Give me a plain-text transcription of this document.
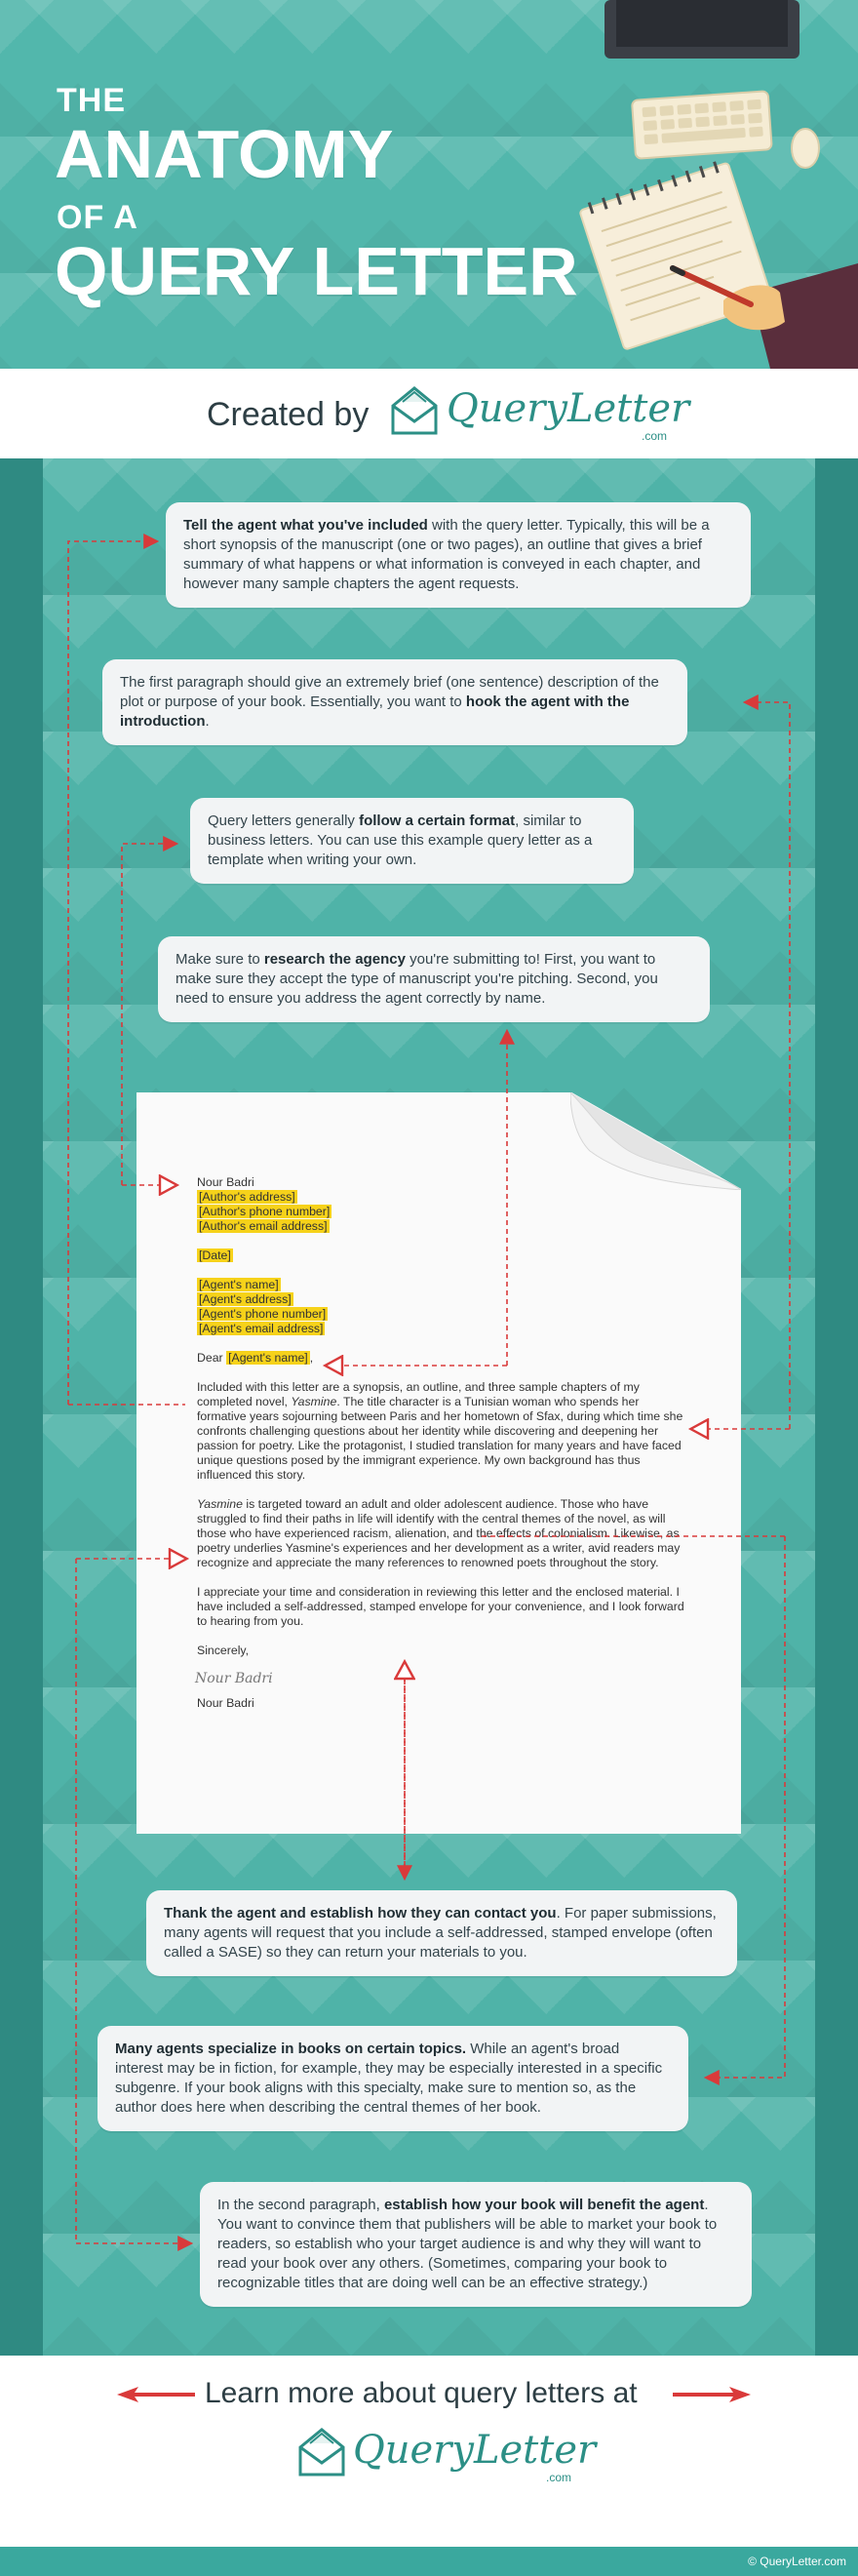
THE
ANATOMY
OF A
QUERY LETTER
Created by QueryLetter
.com
Tell the agent what you've included with the query letter. Typically, this will be a short synopsis of the manuscript (one or two pages), an outline that gives a brief summary of what happens or what information is conveyed in each chapter, and however many sample chapters the agent requests.
The first paragraph should give an extremely brief (one sentence) description of the plot or purpose of your book. Essentially, you want to hook the agent with the introduction.
Query letters generally follow a certain format, similar to business letters. You can use this example query letter as a template when writing your own.
Make sure to research the agency you're submitting to! First, you want to make sure they accept the type of manuscript you're pitching. Second, you need to ensure you address the agent correctly by name.
Nour Badri
[Author's address]
[Author's phone number]
[Author's email address]
[Date]
[Agent's name]
[Agent's address]
[Agent's phone number]
[Agent's email address]

Dear [Agent's name] ,

Included with this letter are a synopsis, an outline, and three sample chapters of my completed novel, Yasmine. The title character is a Tunisian woman who spends her formative years sojourning between Paris and her hometown of Sfax, during which time she confronts challenging questions about her identity while discovering and deepening her passion for poetry. Like the protagonist, I studied translation for many years and have faced unique questions posed by the immigrant experience. My own background has thus influenced this story.

Yasmine is targeted toward an adult and older adolescent audience. Those who have struggled to find their paths in life will identify with the central themes of the novel, as will those who have experienced racism, alienation, and the effects of colonialism. Likewise, as poetry underlies Yasmine's experiences and her development as a writer, avid readers may recognize and appreciate the many references to renowned poets throughout the story.

I appreciate your time and consideration in reviewing this letter and the enclosed material. I have included a self-addressed, stamped envelope for your convenience, and I look forward to hearing from you.

Sincerely,
Nour Badri
Nour Badri
Thank the agent and establish how they can contact you. For paper submissions, many agents will request that you include a self-addressed, stamped envelope (often called a SASE) so they can return your materials to you.
Many agents specialize in books on certain topics. While an agent's broad interest may be in fiction, for example, they may be especially interested in a specific subgenre. If your book aligns with this specialty, make sure to mention so, as the author does here when describing the central themes of her book.
In the second paragraph, establish how your book will benefit the agent. You want to convince them that publishers will be able to market your book to readers, so establish who your target audience is and why they will want to read your book over any others. (Sometimes, comparing your book to recognizable titles that are doing well can be an effective strategy.)
Learn more about query letters at
QueryLetter
.com
© QueryLetter.com
